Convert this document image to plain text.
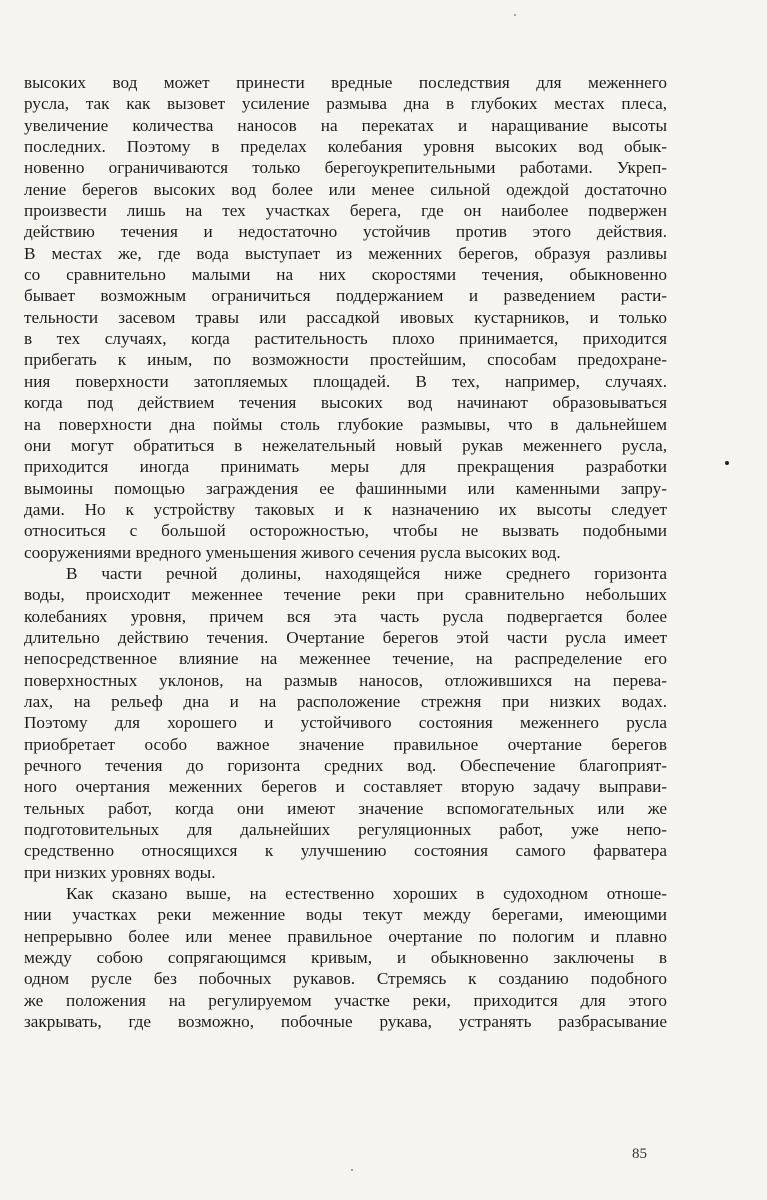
высоких вод может принести вредные последствия для меженнего
русла, так как вызовет усиление размыва дна в глубоких местах плеса,
увеличение количества наносов на перекатах и наращивание высоты
последних. Поэтому в пределах колебания уровня высоких вод обык-
новенно ограничиваются только берегоукрепительными работами. Укреп-
ление берегов высоких вод более или менее сильной одеждой достаточно
произвести лишь на тех участках берега, где он наиболее подвержен
действию течения и недостаточно устойчив против этого действия.
В местах же, где вода выступает из меженних берегов, образуя разливы
со сравнительно малыми на них скоростями течения, обыкновенно
бывает возможным ограничиться поддержанием и разведением расти-
тельности засевом травы или рассадкой ивовых кустарников, и только
в тех случаях, когда растительность плохо принимается, приходится
прибегать к иным, по возможности простейшим, способам предохране-
ния поверхности затопляемых площадей. В тех, например, случаях.
когда под действием течения высоких вод начинают образовываться
на поверхности дна поймы столь глубокие размывы, что в дальнейшем
они могут обратиться в нежелательный новый рукав меженнего русла,
приходится иногда принимать меры для прекращения разработки
вымоины помощью заграждения ее фашинными или каменными запру-
дами. Но к устройству таковых и к назначению их высоты следует
относиться с большой осторожностью, чтобы не вызвать подобными
сооружениями вредного уменьшения живого сечения русла высоких вод.
В части речной долины, находящейся ниже среднего горизонта
воды, происходит меженнее течение реки при сравнительно небольших
колебаниях уровня, причем вся эта часть русла подвергается более
длительно действию течения. Очертание берегов этой части русла имеет
непосредственное влияние на меженнее течение, на распределение его
поверхностных уклонов, на размыв наносов, отложившихся на перева-
лах, на рельеф дна и на расположение стрежня при низких водах.
Поэтому для хорошего и устойчивого состояния меженнего русла
приобретает особо важное значение правильное очертание берегов
речного течения до горизонта средних вод. Обеспечение благоприят-
ного очертания меженних берегов и составляет вторую задачу выправи-
тельных работ, когда они имеют значение вспомогательных или же
подготовительных для дальнейших регуляционных работ, уже непо-
средственно относящихся к улучшению состояния самого фарватера
при низких уровнях воды.
Как сказано выше, на естественно хороших в судоходном отноше-
нии участках реки меженние воды текут между берегами, имеющими
непрерывно более или менее правильное очертание по пологим и плавно
между собою сопрягающимся кривым, и обыкновенно заключены в
одном русле без побочных рукавов. Стремясь к созданию подобного
же положения на регулируемом участке реки, приходится для этого
закрывать, где возможно, побочные рукава, устранять разбрасывание
85
